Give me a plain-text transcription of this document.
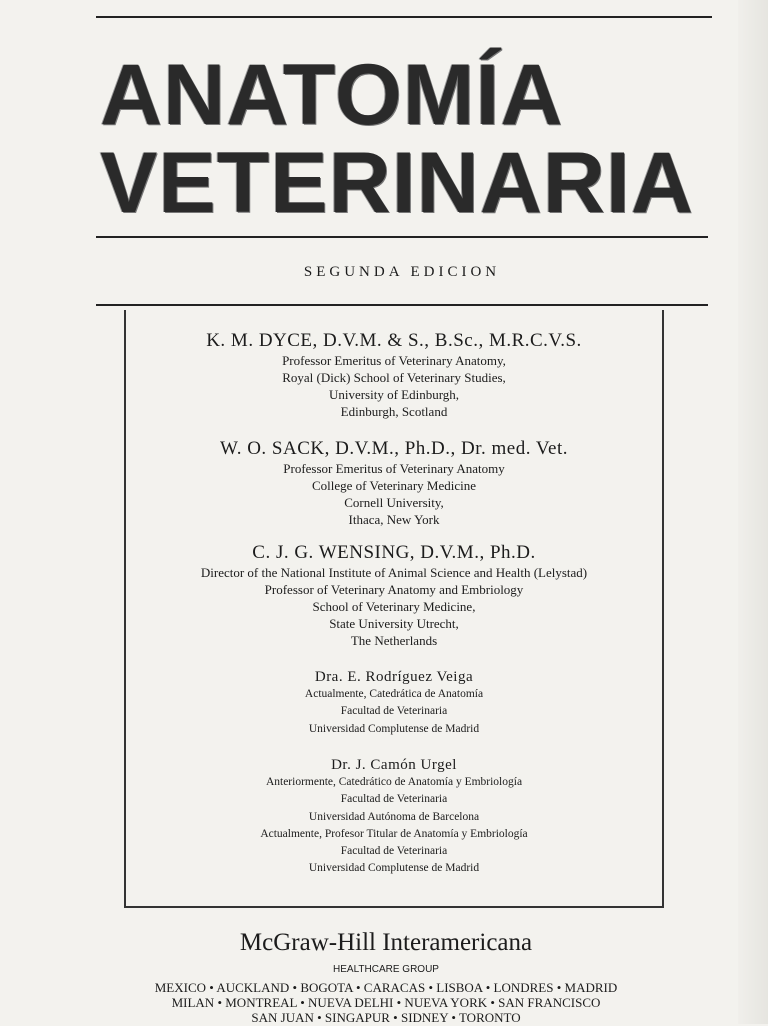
ANATOMÍA
VETERINARIA
SEGUNDA EDICION
K. M. DYCE, D.V.M. & S., B.Sc., M.R.C.V.S.
Professor Emeritus of Veterinary Anatomy,
Royal (Dick) School of Veterinary Studies,
University of Edinburgh,
Edinburgh, Scotland
W. O. SACK, D.V.M., Ph.D., Dr. med. Vet.
Professor Emeritus of Veterinary Anatomy
College of Veterinary Medicine
Cornell University,
Ithaca, New York
C. J. G. WENSING, D.V.M., Ph.D.
Director of the National Institute of Animal Science and Health (Lelystad)
Professor of Veterinary Anatomy and Embriology
School of Veterinary Medicine,
State University Utrecht,
The Netherlands
Dra. E. Rodríguez Veiga
Actualmente, Catedrática de Anatomía
Facultad de Veterinaria
Universidad Complutense de Madrid
Dr. J. Camón Urgel
Anteriormente, Catedrático de Anatomía y Embriología
Facultad de Veterinaria
Universidad Autónoma de Barcelona
Actualmente, Profesor Titular de Anatomía y Embriología
Facultad de Veterinaria
Universidad Complutense de Madrid
McGraw-Hill Interamericana
HEALTHCARE GROUP
MEXICO • AUCKLAND • BOGOTA • CARACAS • LISBOA • LONDRES • MADRID
MILAN • MONTREAL • NUEVA DELHI • NUEVA YORK • SAN FRANCISCO
SAN JUAN • SINGAPUR • SIDNEY • TORONTO
